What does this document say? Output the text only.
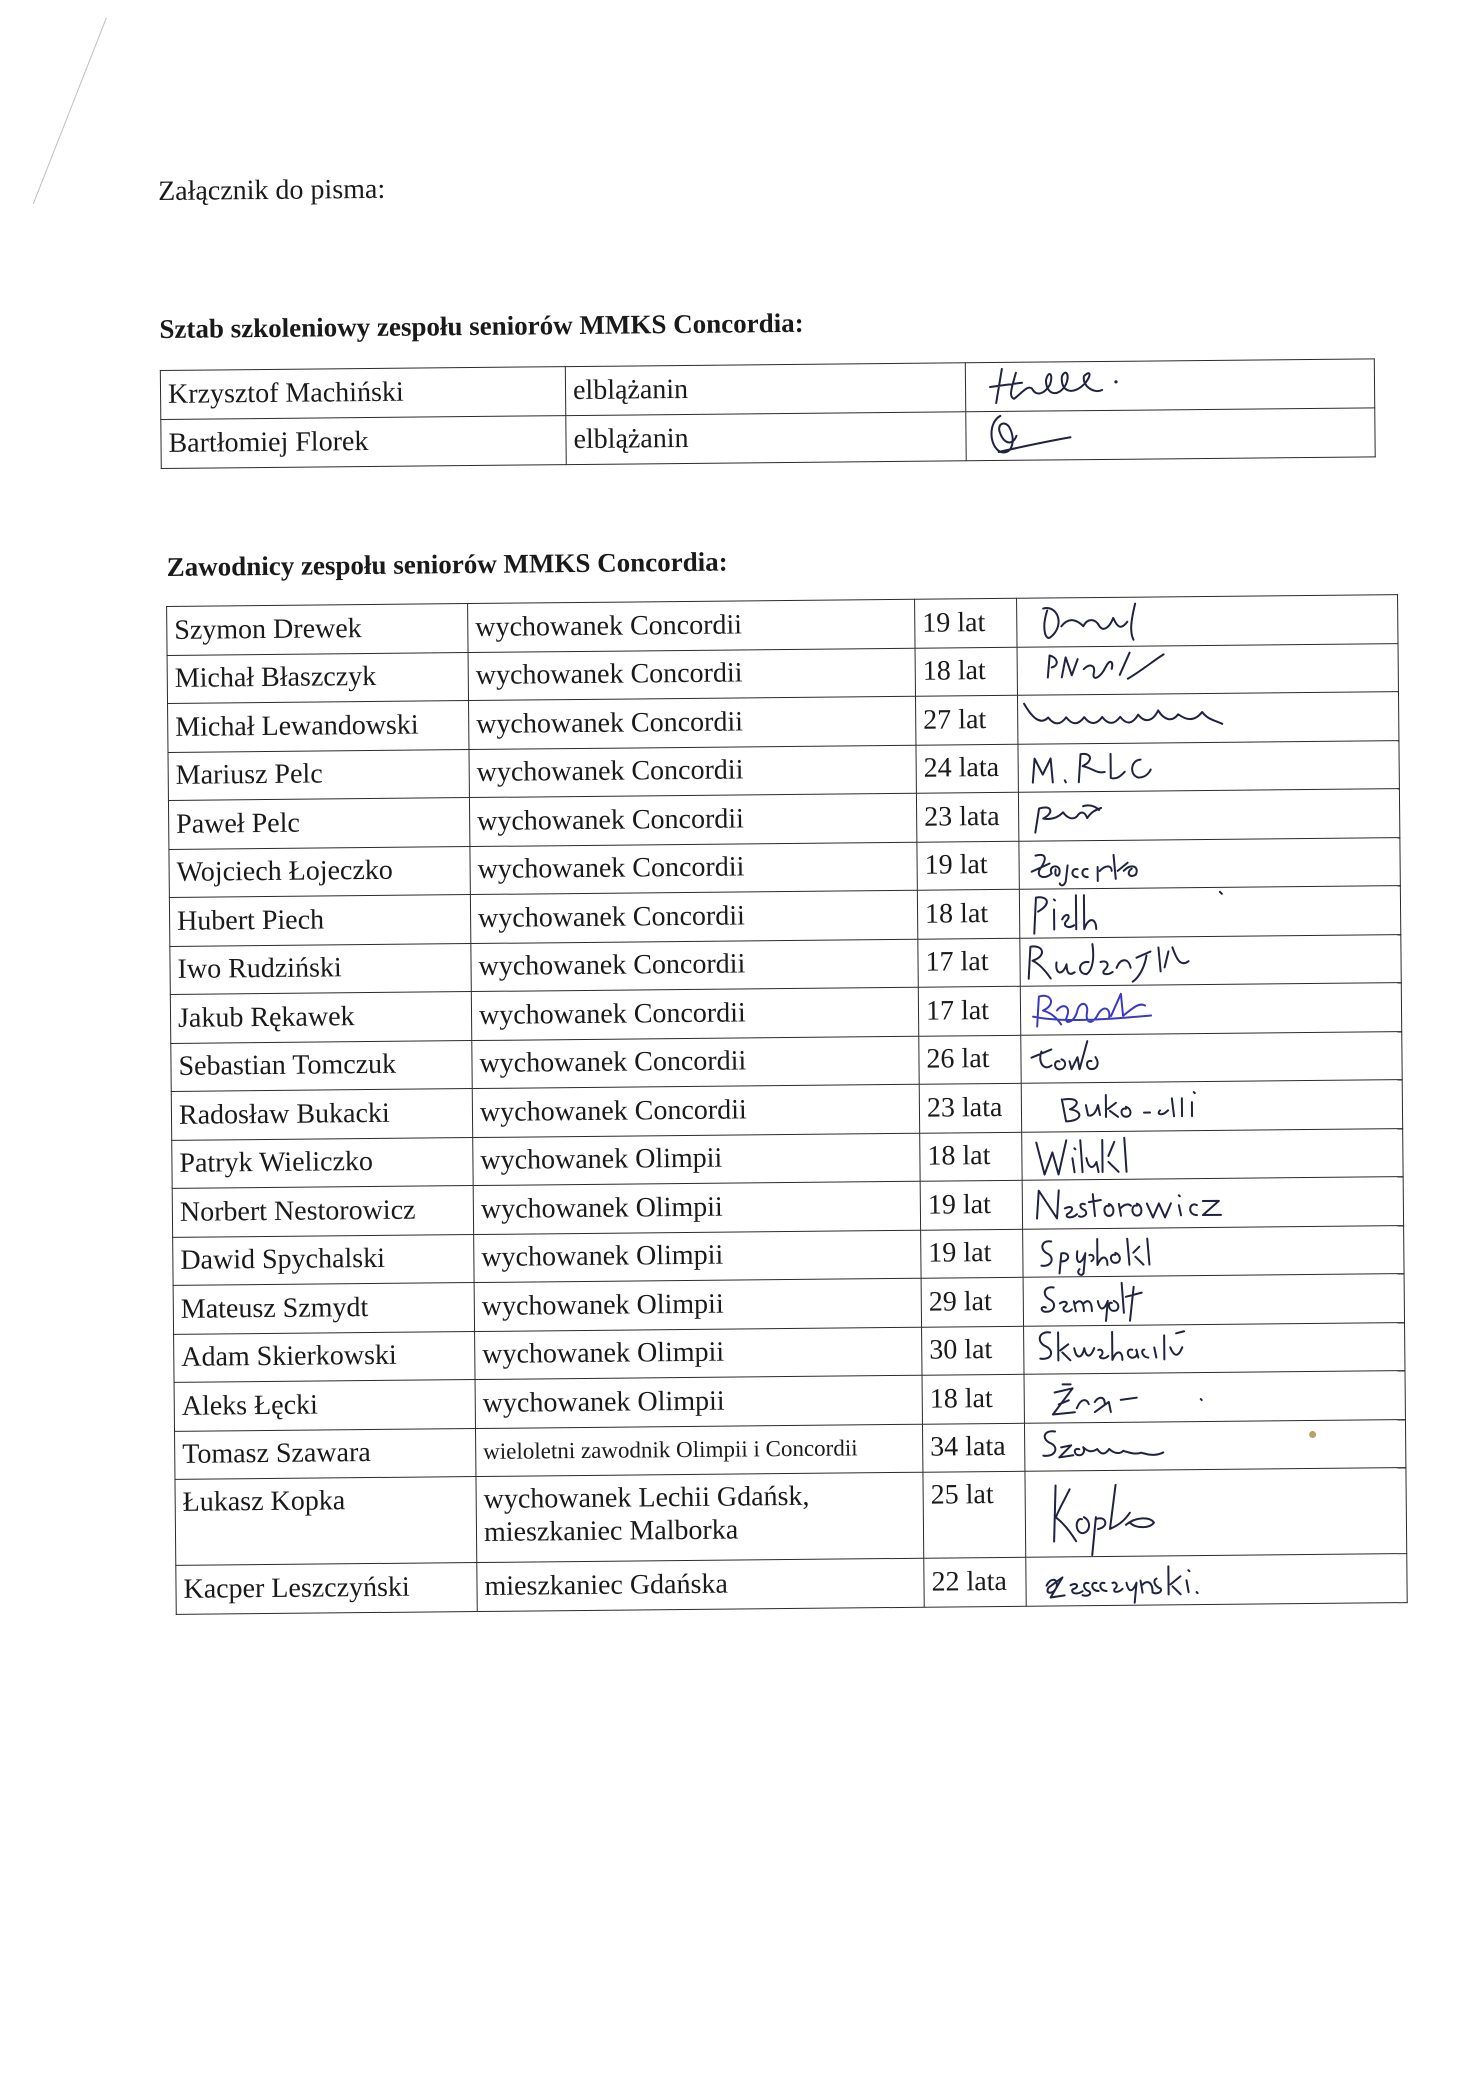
Załącznik do pisma:
Sztab szkoleniowy zespołu seniorów MMKS Concordia:
Krzysztof Machiński	elblążanin	

Bartłomiej Florek	elblążanin	
Zawodnicy zespołu seniorów MMKS Concordia:
Szymon Drewek	wychowanek Concordii	19 lat	

Michał Błaszczyk	wychowanek Concordii	18 lat	

Michał Lewandowski	wychowanek Concordii	27 lat	

Mariusz Pelc	wychowanek Concordii	24 lata	

Paweł Pelc	wychowanek Concordii	23 lata	

Wojciech Łojeczko	wychowanek Concordii	19 lat	

Hubert Piech	wychowanek Concordii	18 lat	

Iwo Rudziński	wychowanek Concordii	17 lat	

Jakub Rękawek	wychowanek Concordii	17 lat	

Sebastian Tomczuk	wychowanek Concordii	26 lat	

Radosław Bukacki	wychowanek Concordii	23 lata	

Patryk Wieliczko	wychowanek Olimpii	18 lat	

Norbert Nestorowicz	wychowanek Olimpii	19 lat	

Dawid Spychalski	wychowanek Olimpii	19 lat	

Mateusz Szmydt	wychowanek Olimpii	29 lat	

Adam Skierkowski	wychowanek Olimpii	30 lat	

Aleks Łęcki	wychowanek Olimpii	18 lat	

Tomasz Szawara	wieloletni zawodnik Olimpii i Concordii	34 lata	

Łukasz Kopka	wychowanek Lechii Gdańsk,
mieszkaniec Malborka	25 lat	

Kacper Leszczyński	mieszkaniec Gdańska	22 lata	
